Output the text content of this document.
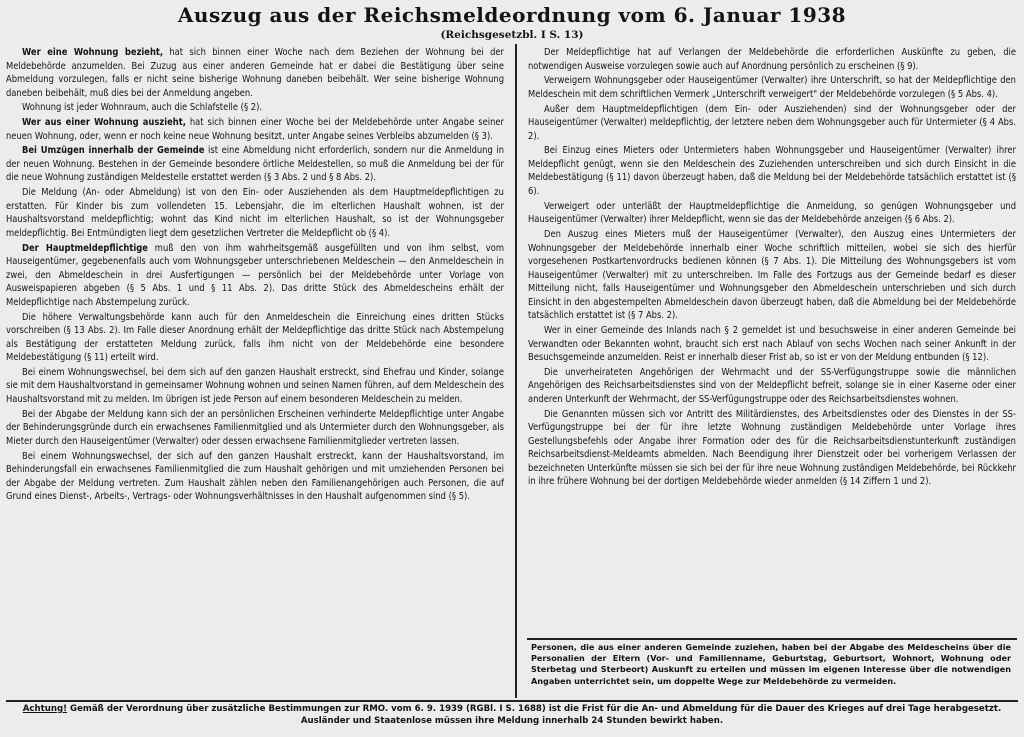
Auszug aus der Reichsmeldeordnung vom 6. Januar 1938
(Reichsgesetzbl. I S. 13)

Wer eine Wohnung bezieht, hat sich binnen einer Woche nach dem Beziehen der Wohnung bei der Meldebehörde anzumelden. Bei Zuzug aus einer anderen Gemeinde hat er dabei die Bestätigung über seine Abmeldung vorzulegen, falls er nicht seine bisherige Wohnung daneben beibehält. Wer seine bisherige Wohnung daneben beibehält, muß dies bei der Anmeldung angeben.

Wohnung ist jeder Wohnraum, auch die Schlafstelle (§ 2).

Wer aus einer Wohnung auszieht, hat sich binnen einer Woche bei der Meldebehörde unter Angabe seiner neuen Wohnung, oder, wenn er noch keine neue Wohnung besitzt, unter Angabe seines Verbleibs abzumelden (§ 3).

Bei Umzügen innerhalb der Gemeinde ist eine Abmeldung nicht erforderlich, sondern nur die Anmeldung in der neuen Wohnung. Bestehen in der Gemeinde besondere örtliche Meldestellen, so muß die Anmeldung bei der für die neue Wohnung zuständigen Meldestelle erstattet werden (§ 3 Abs. 2 und § 8 Abs. 2).

Die Meldung (An- oder Abmeldung) ist von den Ein- oder Ausziehenden als dem Hauptmeldepflichtigen zu erstatten. Für Kinder bis zum vollendeten 15. Lebensjahr, die im elterlichen Haushalt wohnen, ist der Haushaltsvorstand meldepflichtig; wohnt das Kind nicht im elterlichen Haushalt, so ist der Wohnungsgeber meldepflichtig. Bei Entmündigten liegt dem gesetzlichen Vertreter die Meldepflicht ob (§ 4).

Der Hauptmeldepflichtige muß den von ihm wahrheitsgemäß ausgefüllten und von ihm selbst, vom Hauseigentümer, gegebenenfalls auch vom Wohnungsgeber unterschriebenen Meldeschein — den Anmeldeschein in zwei, den Abmeldeschein in drei Ausfertigungen — persönlich bei der Meldebehörde unter Vorlage von Ausweispapieren abgeben (§ 5 Abs. 1 und § 11 Abs. 2). Das dritte Stück des Abmeldescheins erhält der Meldepflichtige nach Abstempelung zurück.

Die höhere Verwaltungsbehörde kann auch für den Anmeldeschein die Einreichung eines dritten Stücks vorschreiben (§ 13 Abs. 2). Im Falle dieser Anordnung erhält der Meldepflichtige das dritte Stück nach Abstempelung als Bestätigung der erstatteten Meldung zurück, falls ihm nicht von der Meldebehörde eine besondere Meldebestätigung (§ 11) erteilt wird.

Bei einem Wohnungswechsel, bei dem sich auf den ganzen Haushalt erstreckt, sind Ehefrau und Kinder, solange sie mit dem Haushaltvorstand in gemeinsamer Wohnung wohnen und seinen Namen führen, auf dem Meldeschein des Haushaltsvorstand mit zu melden. Im übrigen ist jede Person auf einem besonderen Meldeschein zu melden.

Bei der Abgabe der Meldung kann sich der an persönlichen Erscheinen verhinderte Meldepflichtige unter Angabe der Behinderungsgründe durch ein erwachsenes Familienmitglied und als Untermieter durch den Wohnungsgeber, als Mieter durch den Hauseigentümer (Verwalter) oder dessen erwachsene Familienmitglieder vertreten lassen.

Bei einem Wohnungswechsel, der sich auf den ganzen Haushalt erstreckt, kann der Haushaltsvorstand, im Behinderungsfall ein erwachsenes Familienmitglied die zum Haushalt gehörigen und mit umziehenden Personen bei der Abgabe der Meldung vertreten. Zum Haushalt zählen neben den Familienangehörigen auch Personen, die auf Grund eines Dienst-, Arbeits-, Vertrags- oder Wohnungsverhältnisses in den Haushalt aufgenommen sind (§ 5).

Der Meldepflichtige hat auf Verlangen der Meldebehörde die erforderlichen Auskünfte zu geben, die notwendigen Ausweise vorzulegen sowie auch auf Anordnung persönlich zu erscheinen (§ 9).

Verweigern Wohnungsgeber oder Hauseigentümer (Verwalter) ihre Unterschrift, so hat der Meldepflichtige den Meldeschein mit dem schriftlichen Vermerk „Unterschrift verweigert" der Meldebehörde vorzulegen (§ 5 Abs. 4).

Außer dem Hauptmeldepflichtigen (dem Ein- oder Ausziehenden) sind der Wohnungsgeber oder der Hauseigentümer (Verwalter) meldepflichtig, der letztere neben dem Wohnungsgeber auch für Untermieter (§ 4 Abs. 2).

Bei Einzug eines Mieters oder Untermieters haben Wohnungsgeber und Hauseigentümer (Verwalter) ihrer Meldepflicht genügt, wenn sie den Meldeschein des Zuziehenden unterschreiben und sich durch Einsicht in die Meldebestätigung (§ 11) davon überzeugt haben, daß die Meldung bei der Meldebehörde tatsächlich erstattet ist (§ 6).

Verweigert oder unterläßt der Hauptmeldepflichtige die Anmeldung, so genügen Wohnungsgeber und Hauseigentümer (Verwalter) ihrer Meldepflicht, wenn sie das der Meldebehörde anzeigen (§ 6 Abs. 2).

Den Auszug eines Mieters muß der Hauseigentümer (Verwalter), den Auszug eines Untermieters der Wohnungsgeber der Meldebehörde innerhalb einer Woche schriftlich mitteilen, wobei sie sich des hierfür vorgesehenen Postkartenvordrucks bedienen können (§ 7 Abs. 1). Die Mitteilung des Wohnungsgebers ist vom Hauseigentümer (Verwalter) mit zu unterschreiben. Im Falle des Fortzugs aus der Gemeinde bedarf es dieser Mitteilung nicht, falls Hauseigentümer und Wohnungsgeber den Abmeldeschein unterschrieben und sich durch Einsicht in den abgestempelten Abmeldeschein davon überzeugt haben, daß die Abmeldung bei der Meldebehörde tatsächlich erstattet ist (§ 7 Abs. 2).

Wer in einer Gemeinde des Inlands nach § 2 gemeldet ist und besuchsweise in einer anderen Gemeinde bei Verwandten oder Bekannten wohnt, braucht sich erst nach Ablauf von sechs Wochen nach seiner Ankunft in der Besuchsgemeinde anzumelden. Reist er innerhalb dieser Frist ab, so ist er von der Meldung entbunden (§ 12).

Die unverheirateten Angehörigen der Wehrmacht und der SS-Verfügungstruppe sowie die männlichen Angehörigen des Reichsarbeitsdienstes sind von der Meldepflicht befreit, solange sie in einer Kaserne oder einer anderen Unterkunft der Wehrmacht, der SS-Verfügungstruppe oder des Reichsarbeitsdienstes wohnen.

Die Genannten müssen sich vor Antritt des Militärdienstes, des Arbeitsdienstes oder des Dienstes in der SS-Verfügungstruppe bei der für ihre letzte Wohnung zuständigen Meldebehörde unter Vorlage ihres Gestellungsbefehls oder Angabe ihrer Formation oder des für die Reichsarbeitsdienstunterkunft zuständigen Reichsarbeitsdienst-Meldeamts abmelden. Nach Beendigung ihrer Dienstzeit oder bei vorherigem Verlassen der bezeichneten Unterkünfte müssen sie sich bei der für ihre neue Wohnung zuständigen Meldebehörde, bei Rückkehr in ihre frühere Wohnung bei der dortigen Meldebehörde wieder anmelden (§ 14 Ziffern 1 und 2).

Personen, die aus einer anderen Gemeinde zuziehen, haben bei der Abgabe des Meldescheins über die Personalien der Eltern (Vor- und Familienname, Geburtstag, Geburtsort, Wohnort, Wohnung oder Sterbetag und Sterbeort) Auskunft zu erteilen und müssen im eigenen Interesse über die notwendigen Angaben unterrichtet sein, um doppelte Wege zur Meldebehörde zu vermeiden.
Achtung! Gemäß der Verordnung über zusätzliche Bestimmungen zur RMO. vom 6. 9. 1939 (RGBl. I S. 1688) ist die Frist für die An- und Abmeldung für die Dauer des Krieges auf drei Tage herabgesetzt. Ausländer und Staatenlose müssen ihre Meldung innerhalb 24 Stunden bewirkt haben.
